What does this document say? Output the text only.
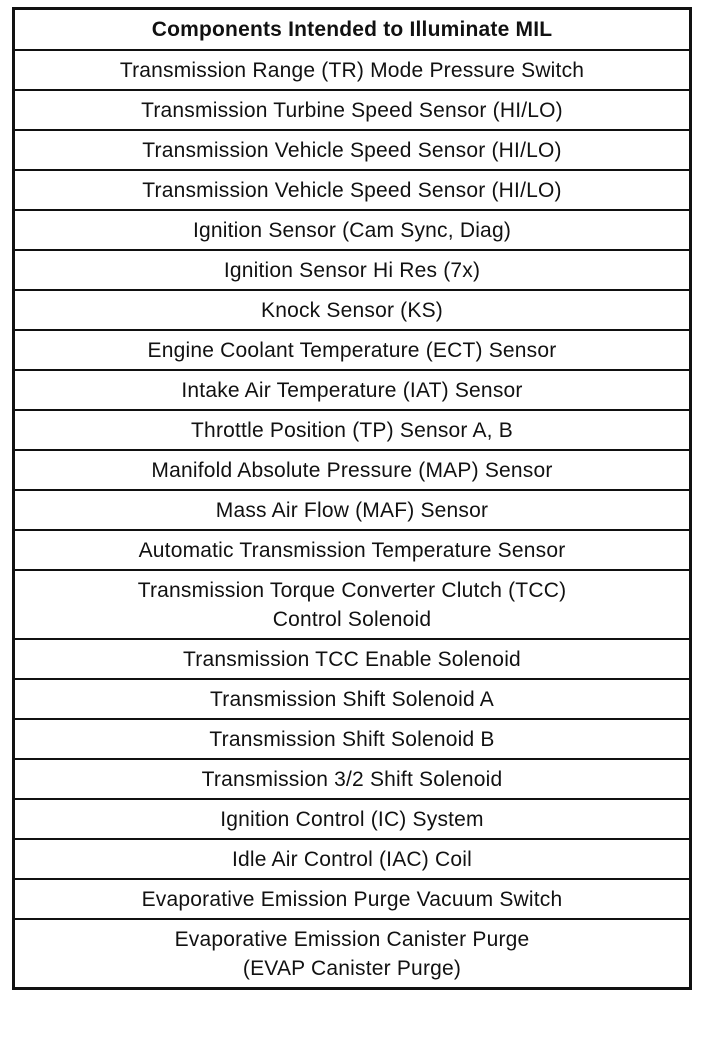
Components Intended to Illuminate MIL
Transmission Range (TR) Mode Pressure Switch
Transmission Turbine Speed Sensor (HI/LO)
Transmission Vehicle Speed Sensor (HI/LO)
Transmission Vehicle Speed Sensor (HI/LO)
Ignition Sensor (Cam Sync, Diag)
Ignition Sensor Hi Res (7x)
Knock Sensor (KS)
Engine Coolant Temperature (ECT) Sensor
Intake Air Temperature (IAT) Sensor
Throttle Position (TP) Sensor A, B
Manifold Absolute Pressure (MAP) Sensor
Mass Air Flow (MAF) Sensor
Automatic Transmission Temperature Sensor

Transmission Torque Converter Clutch (TCC)
Control Solenoid

Transmission TCC Enable Solenoid
Transmission Shift Solenoid A
Transmission Shift Solenoid B
Transmission 3/2 Shift Solenoid
Ignition Control (IC) System
Idle Air Control (IAC) Coil
Evaporative Emission Purge Vacuum Switch

Evaporative Emission Canister Purge
(EVAP Canister Purge)
